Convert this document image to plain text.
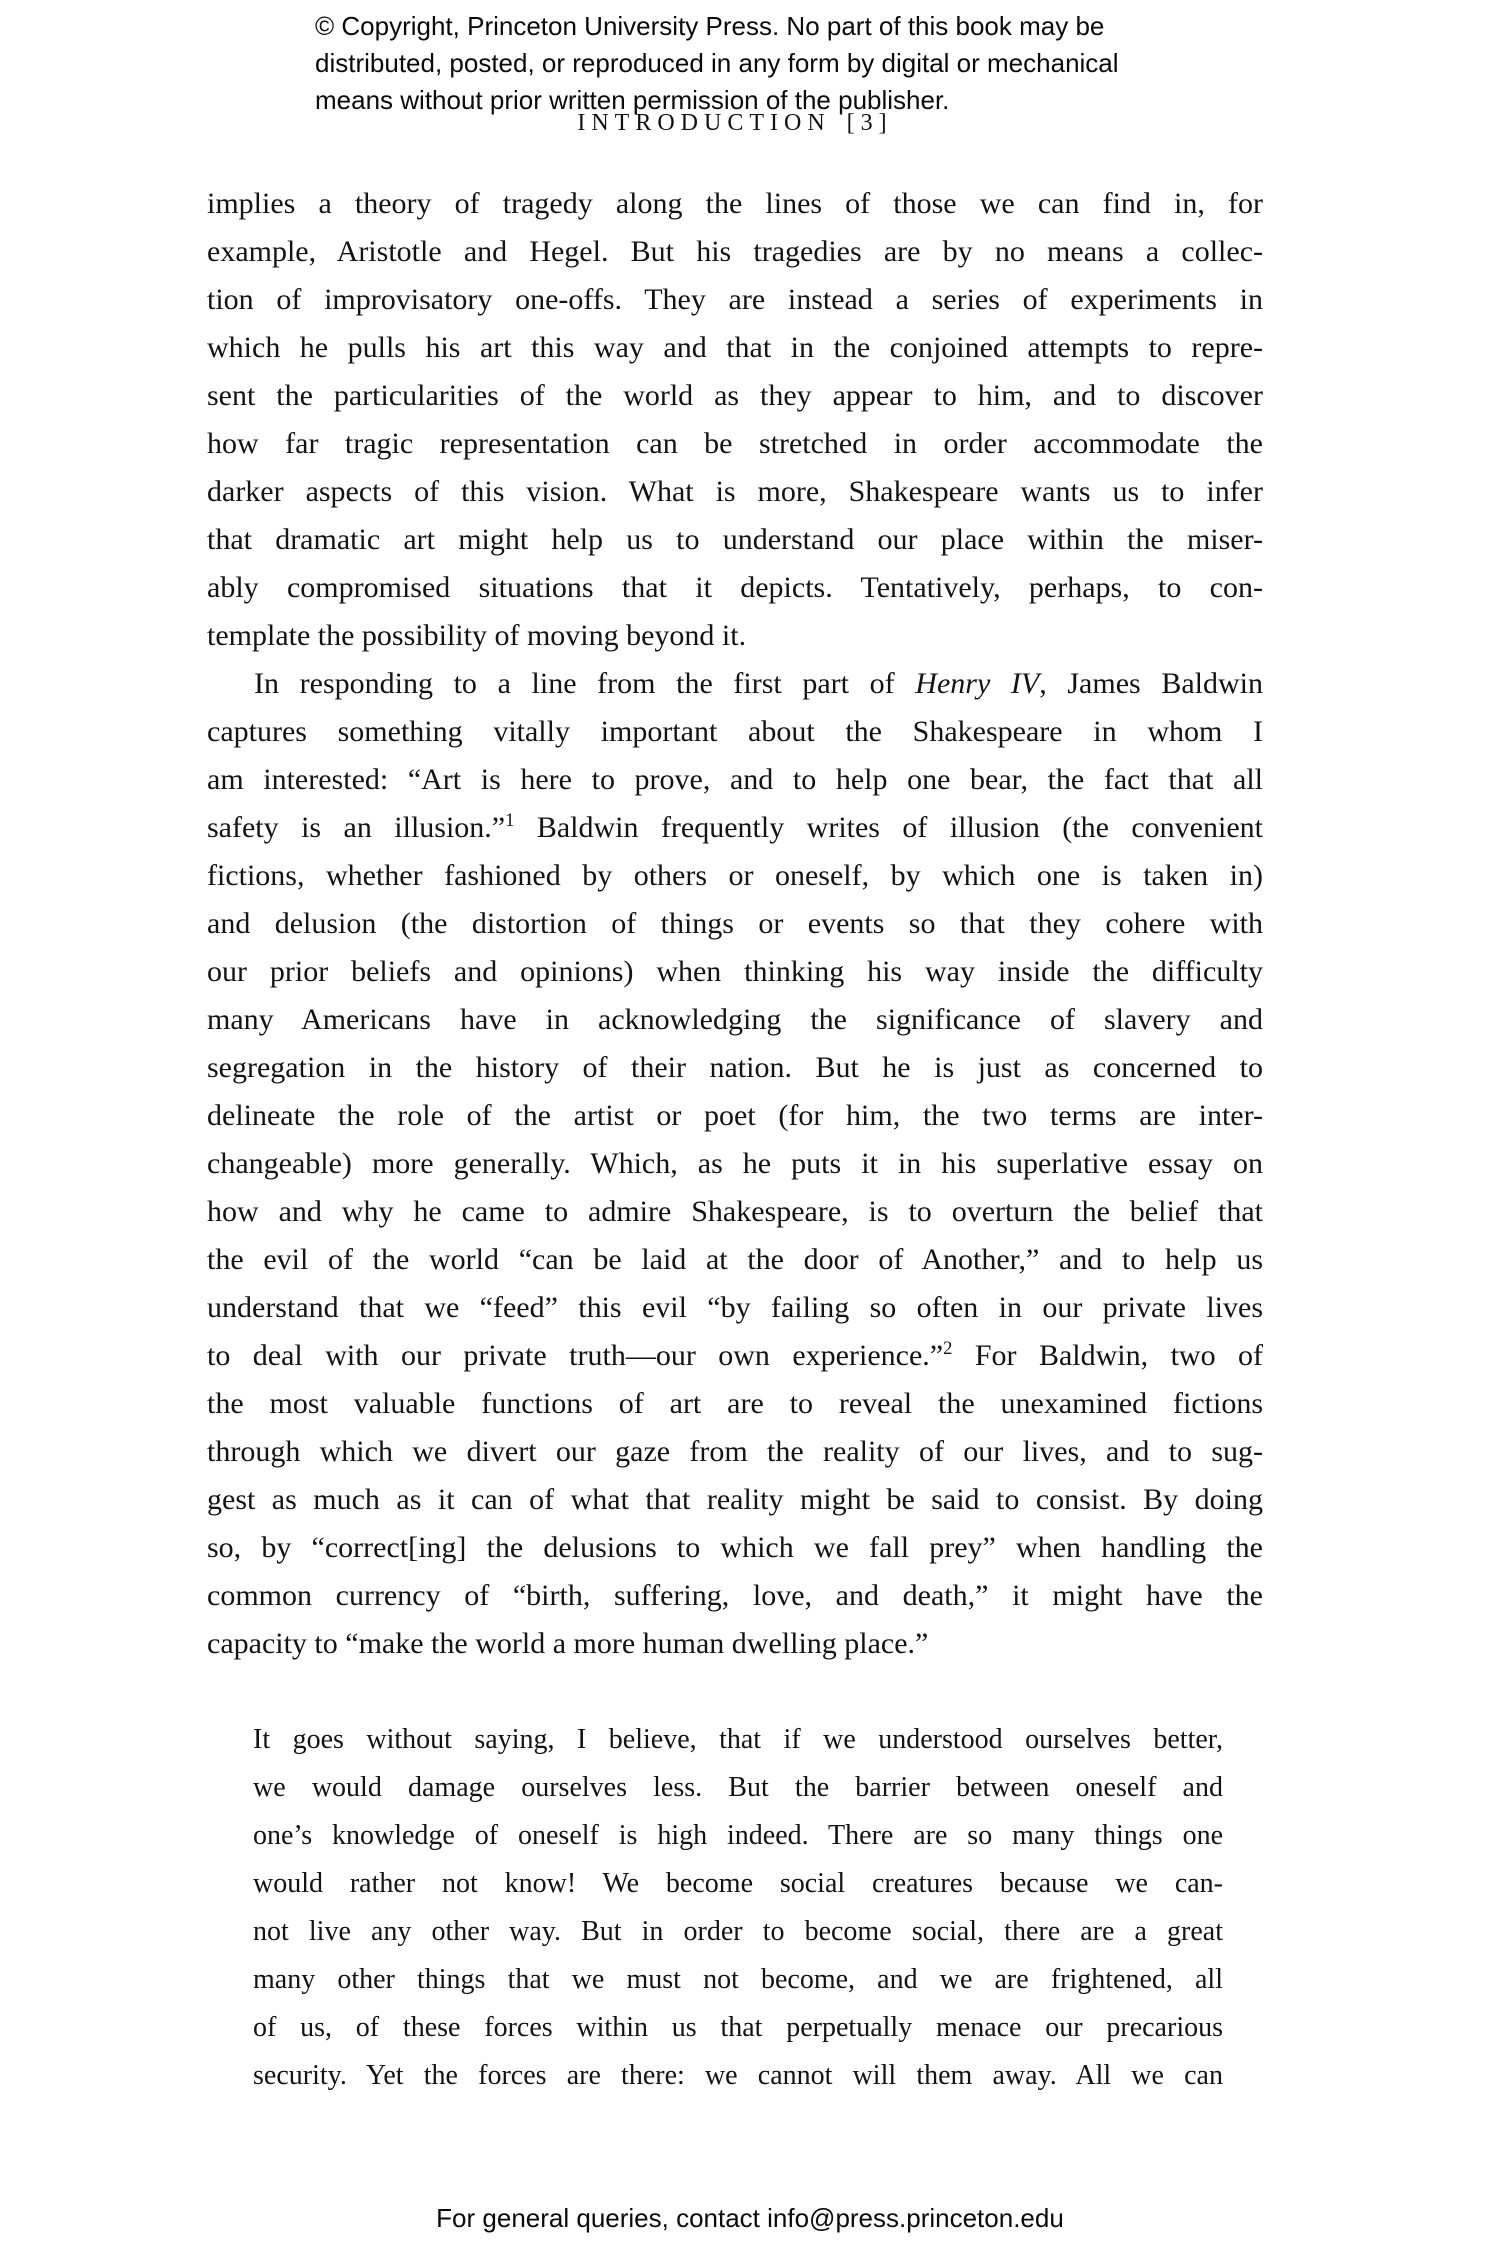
© Copyright, Princeton University Press. No part of this book may be
distributed, posted, or reproduced in any form by digital or mechanical
means without prior written permission of the publisher.
INTRODUCTION [3]
implies a theory of tragedy along the lines of those we can find in, for
example, Aristotle and Hegel. But his tragedies are by no means a collec-
tion of improvisatory one-offs. They are instead a series of experiments in
which he pulls his art this way and that in the conjoined attempts to repre-
sent the particularities of the world as they appear to him, and to discover
how far tragic representation can be stretched in order accommodate the
darker aspects of this vision. What is more, Shakespeare wants us to infer
that dramatic art might help us to understand our place within the miser-
ably compromised situations that it depicts. Tentatively, perhaps, to con-
template the possibility of moving beyond it.
In responding to a line from the first part of Henry IV, James Baldwin
captures something vitally important about the Shakespeare in whom I
am interested: “Art is here to prove, and to help one bear, the fact that all
safety is an illusion.”$^1$ Baldwin frequently writes of illusion (the convenient
fictions, whether fashioned by others or oneself, by which one is taken in)
and delusion (the distortion of things or events so that they cohere with
our prior beliefs and opinions) when thinking his way inside the difficulty
many Americans have in acknowledging the significance of slavery and
segregation in the history of their nation. But he is just as concerned to
delineate the role of the artist or poet (for him, the two terms are inter-
changeable) more generally. Which, as he puts it in his superlative essay on
how and why he came to admire Shakespeare, is to overturn the belief that
the evil of the world “can be laid at the door of Another,” and to help us
understand that we “feed” this evil “by failing so often in our private lives
to deal with our private truth—our own experience.”$^2$ For Baldwin, two of
the most valuable functions of art are to reveal the unexamined fictions
through which we divert our gaze from the reality of our lives, and to sug-
gest as much as it can of what that reality might be said to consist. By doing
so, by “correct[ing] the delusions to which we fall prey” when handling the
common currency of “birth, suffering, love, and death,” it might have the
capacity to “make the world a more human dwelling place.”
It goes without saying, I believe, that if we understood ourselves better,
we would damage ourselves less. But the barrier between oneself and
one’s knowledge of oneself is high indeed. There are so many things one
would rather not know! We become social creatures because we can-
not live any other way. But in order to become social, there are a great
many other things that we must not become, and we are frightened, all
of us, of these forces within us that perpetually menace our precarious
security. Yet the forces are there: we cannot will them away. All we can
For general queries, contact info@press.princeton.edu
